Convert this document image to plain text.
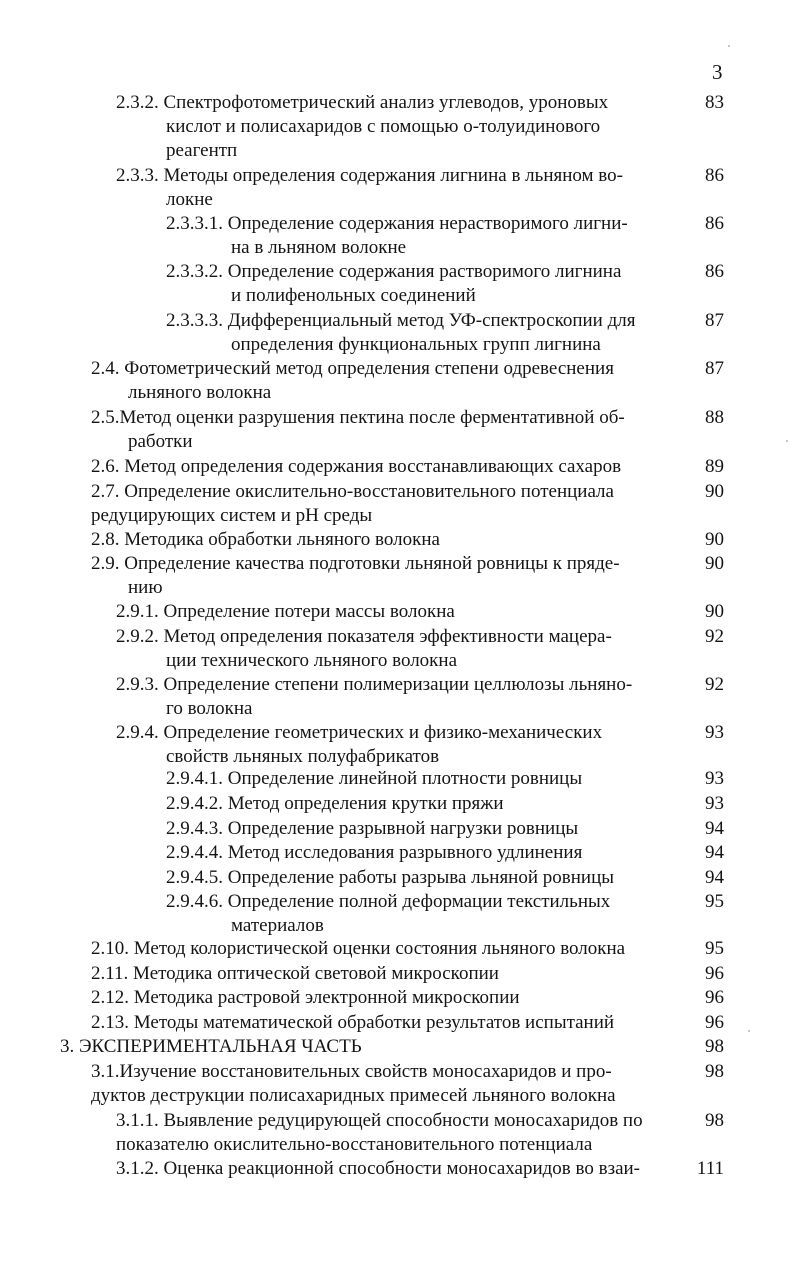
3
2.3.2. Спектрофотометрический анализ углеводов, уроновых
кислот и полисахаридов с помощью о-толуидинового
реагентп
83
2.3.3. Методы определения содержания лигнина в льняном во-
локне
86
2.3.3.1. Определение содержания нерастворимого лигни-
на в льняном волокне
86
2.3.3.2. Определение содержания растворимого лигнина
и полифенольных соединений
86
2.3.3.3. Дифференциальный метод УФ-спектроскопии для
определения функциональных групп лигнина
87
2.4. Фотометрический метод определения степени одревеснения
льняного волокна
87
2.5.Метод оценки разрушения пектина после ферментативной об-
работки
88
2.6. Метод определения содержания восстанавливающих сахаров	89
2.7. Определение окислительно-восстановительного потенциала
редуцирующих систем и pH среды
90
2.8. Методика обработки льняного волокна	90
2.9. Определение качества подготовки льняной ровницы к пряде-
нию
90
2.9.1. Определение потери массы волокна	90
2.9.2. Метод определения показателя эффективности мацера-
ции технического льняного волокна
92
2.9.3. Определение степени полимеризации целлюлозы льняно-
го волокна
92
2.9.4. Определение геометрических и физико-механических
свойств льняных полуфабрикатов
93
2.9.4.1. Определение линейной плотности ровницы	93
2.9.4.2. Метод определения крутки пряжи	93
2.9.4.3. Определение разрывной нагрузки ровницы	94
2.9.4.4. Метод исследования разрывного удлинения	94
2.9.4.5. Определение работы разрыва льняной ровницы	94
2.9.4.6. Определение полной деформации текстильных
материалов
95
2.10. Метод колористической оценки состояния льняного волокна	95
2.11. Методика оптической световой микроскопии	96
2.12. Методика растровой электронной микроскопии	96
2.13. Методы математической обработки результатов испытаний	96
3. ЭКСПЕРИМЕНТАЛЬНАЯ ЧАСТЬ	98
3.1.Изучение восстановительных свойств моносахаридов и про-
дуктов деструкции полисахаридных примесей льняного волокна
98
3.1.1. Выявление редуцирующей способности моносахаридов по
показателю окислительно-восстановительного потенциала
98
3.1.2. Оценка реакционной способности моносахаридов во взаи-	111
